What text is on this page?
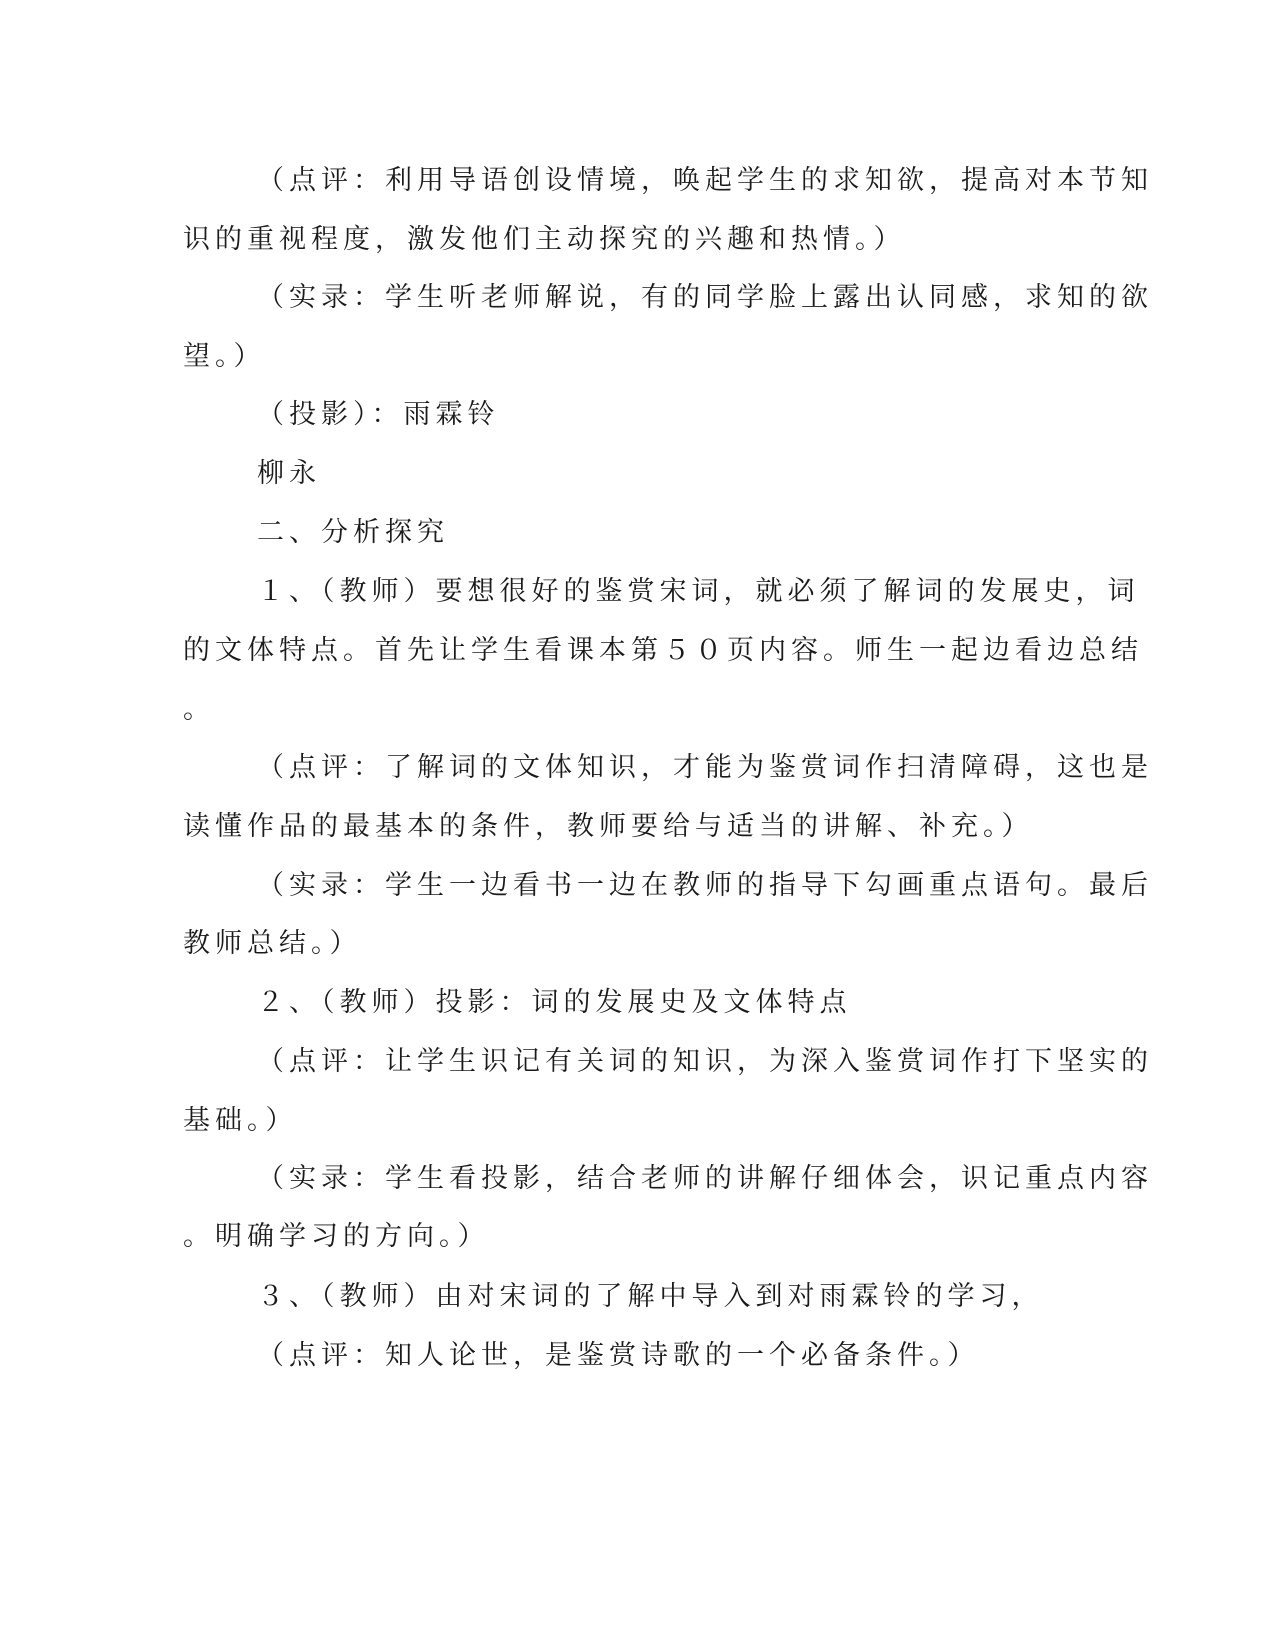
（点评：利用导语创设情境，唤起学生的求知欲，提高对本节知
识的重视程度，激发他们主动探究的兴趣和热情。）
（实录：学生听老师解说，有的同学脸上露出认同感，求知的欲
望。）
（投影）：雨霖铃
柳永
二、分析探究
１、（教师）要想很好的鉴赏宋词，就必须了解词的发展史，词
的文体特点。首先让学生看课本第５０页内容。师生一起边看边总结
。
（点评：了解词的文体知识，才能为鉴赏词作扫清障碍，这也是
读懂作品的最基本的条件，教师要给与适当的讲解、补充。）
（实录：学生一边看书一边在教师的指导下勾画重点语句。最后
教师总结。）
２、（教师）投影：词的发展史及文体特点
（点评：让学生识记有关词的知识，为深入鉴赏词作打下坚实的
基础。）
（实录：学生看投影，结合老师的讲解仔细体会，识记重点内容
。明确学习的方向。）
３、（教师）由对宋词的了解中导入到对雨霖铃的学习，
（点评：知人论世，是鉴赏诗歌的一个必备条件。）
